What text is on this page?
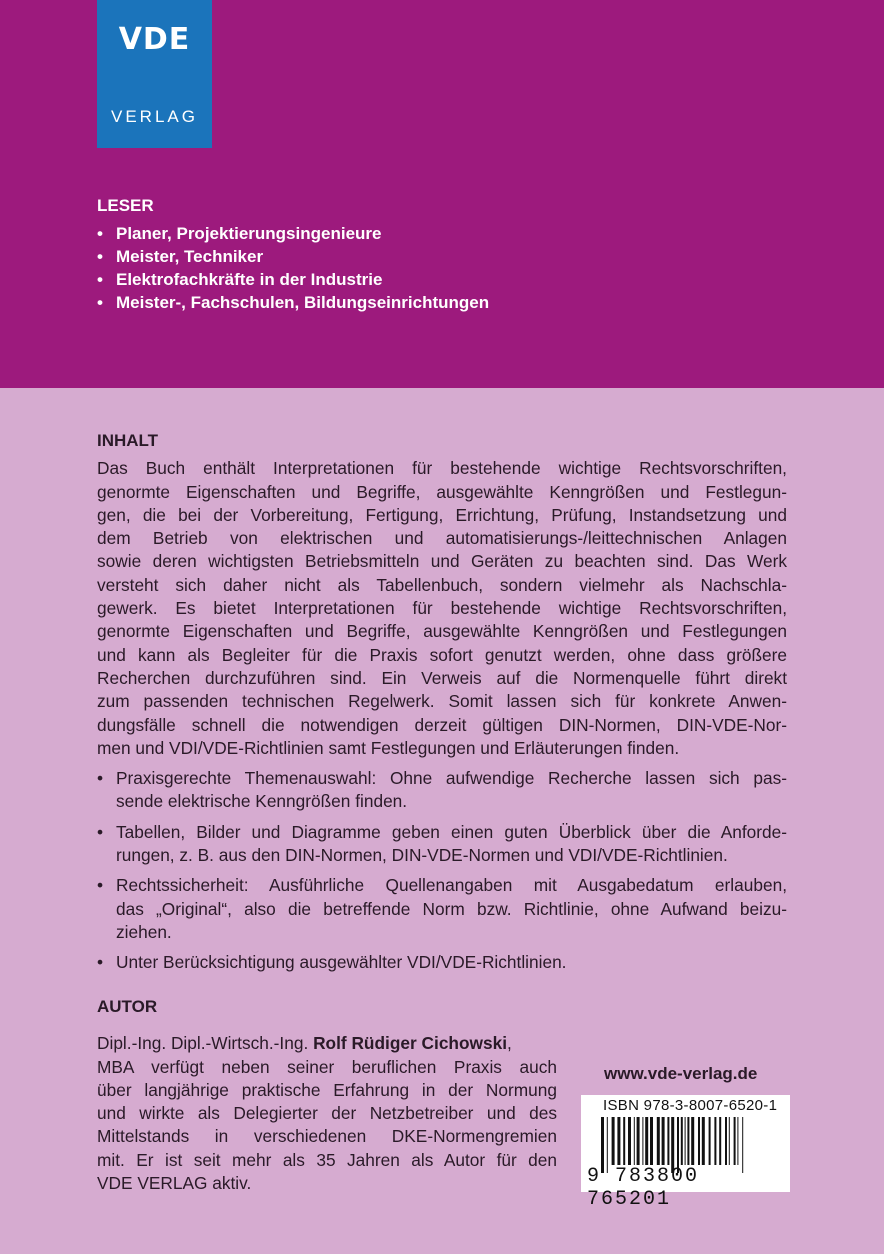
VDE
VERLAG
LESER
• Planer, Projektierungsingenieure
• Meister, Techniker
• Elektrofachkräfte in der Industrie
• Meister-, Fachschulen, Bildungseinrichtungen
INHALT
Das Buch enthält Interpretationen für bestehende wichtige Rechtsvorschriften,
genormte Eigenschaften und Begriffe, ausgewählte Kenngrößen und Festlegun-
gen, die bei der Vorbereitung, Fertigung, Errichtung, Prüfung, Instandsetzung und
dem Betrieb von elektrischen und automatisierungs-/leittechnischen Anlagen
sowie deren wichtigsten Betriebsmitteln und Geräten zu beachten sind. Das Werk
versteht sich daher nicht als Tabellenbuch, sondern vielmehr als Nachschla-
gewerk. Es bietet Interpretationen für bestehende wichtige Rechtsvorschriften,
genormte Eigenschaften und Begriffe, ausgewählte Kenngrößen und Festlegungen
und kann als Begleiter für die Praxis sofort genutzt werden, ohne dass größere
Recherchen durchzuführen sind. Ein Verweis auf die Normenquelle führt direkt
zum passenden technischen Regelwerk. Somit lassen sich für konkrete Anwen-
dungsfälle schnell die notwendigen derzeit gültigen DIN-Normen, DIN-VDE-Nor-
men und VDI/VDE-Richtlinien samt Festlegungen und Erläuterungen finden.
• Praxisgerechte Themenauswahl: Ohne aufwendige Recherche lassen sich pas-
sende elektrische Kenngrößen finden.
• Tabellen, Bilder und Diagramme geben einen guten Überblick über die Anforde-
rungen, z. B. aus den DIN-Normen, DIN-VDE-Normen und VDI/VDE-Richtlinien.
• Rechtssicherheit: Ausführliche Quellenangaben mit Ausgabedatum erlauben,
das „Original“, also die betreffende Norm bzw. Richtlinie, ohne Aufwand beizu-
ziehen.
• Unter Berücksichtigung ausgewählter VDI/VDE-Richtlinien.
AUTOR
Dipl.-Ing. Dipl.-Wirtsch.-Ing. Rolf Rüdiger Cichowski,
MBA verfügt neben seiner beruflichen Praxis auch
über langjährige praktische Erfahrung in der Normung
und wirkte als Delegierter der Netzbetreiber und des
Mittelstands in verschiedenen DKE-Normengremien
mit. Er ist seit mehr als 35 Jahren als Autor für den
VDE VERLAG aktiv.
www.vde-verlag.de
ISBN 978-3-8007-6520-1
9 783800 765201
